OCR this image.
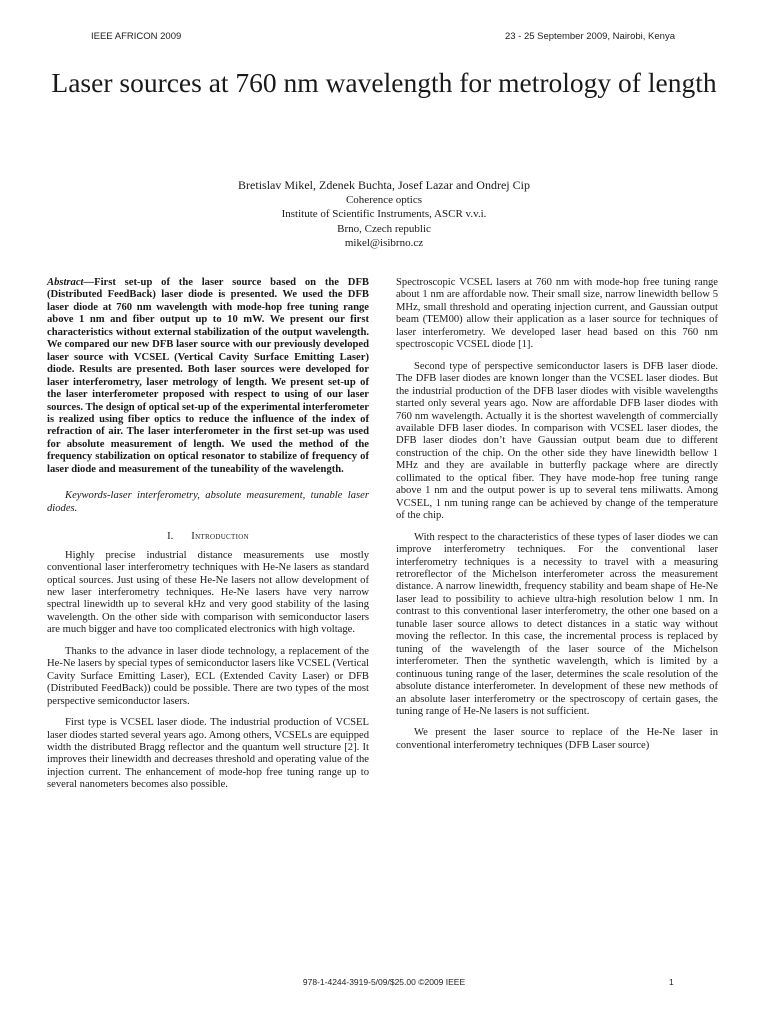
IEEE AFRICON 2009	23 - 25 September 2009, Nairobi, Kenya
Laser sources at 760 nm wavelength for metrology of length
Bretislav Mikel, Zdenek Buchta, Josef Lazar and Ondrej Cip
Coherence optics
Institute of Scientific Instruments, ASCR v.v.i.
Brno, Czech republic
mikel@isibrno.cz

Abstract—First set-up of the laser source based on the DFB (Distributed FeedBack) laser diode is presented. We used the DFB laser diode at 760 nm wavelength with mode-hop free tuning range above 1 nm and fiber output up to 10 mW. We present our first characteristics without external stabilization of the output wavelength. We compared our new DFB laser source with our previously developed laser source with VCSEL (Vertical Cavity Surface Emitting Laser) diode. Results are presented. Both laser sources were developed for laser interferometry, laser metrology of length. We present set-up of the laser interferometer proposed with respect to using of our laser sources. The design of optical set-up of the experimental interferometer is realized using fiber optics to reduce the influence of the index of refraction of air. The laser interferometer in the first set-up was used for absolute measurement of length. We used the method of the frequency stabilization on optical resonator to stabilize of frequency of laser diode and measurement of the tuneability of the wavelength.

Keywords-laser interferometry, absolute measurement, tunable laser diodes.

I. Introduction

Highly precise industrial distance measurements use mostly conventional laser interferometry techniques with He-Ne lasers as standard optical sources. Just using of these He-Ne lasers not allow development of new laser interferometry techniques. He-Ne lasers have very narrow spectral linewidth up to several kHz and very good stability of the lasing wavelength. On the other side with comparison with semiconductor lasers are much bigger and have too complicated electronics with high voltage.

Thanks to the advance in laser diode technology, a replacement of the He-Ne lasers by special types of semiconductor lasers like VCSEL (Vertical Cavity Surface Emitting Laser), ECL (Extended Cavity Laser) or DFB (Distributed FeedBack)) could be possible. There are two types of the most perspective semiconductor lasers.

First type is VCSEL laser diode. The industrial production of VCSEL laser diodes started several years ago. Among others, VCSELs are equipped width the distributed Bragg reflector and the quantum well structure [2]. It improves their linewidth and decreases threshold and operating value of the injection current. The enhancement of mode-hop free tuning range up to several nanometers becomes also possible.

Spectroscopic VCSEL lasers at 760 nm with mode-hop free tuning range about 1 nm are affordable now. Their small size, narrow linewidth bellow 5 MHz, small threshold and operating injection current, and Gaussian output beam (TEM00) allow their application as a laser source for techniques of laser interferometry. We developed laser head based on this 760 nm spectroscopic VCSEL diode [1].

Second type of perspective semiconductor lasers is DFB laser diode. The DFB laser diodes are known longer than the VCSEL laser diodes. But the industrial production of the DFB laser diodes with visible wavelengths started only several years ago. Now are affordable DFB laser diodes with 760 nm wavelength. Actually it is the shortest wavelength of commercially available DFB laser diodes. In comparison with VCSEL laser diodes, the DFB laser diodes don’t have Gaussian output beam due to different construction of the chip. On the other side they have linewidth bellow 1 MHz and they are available in butterfly package where are directly collimated to the optical fiber. They have mode-hop free tuning range above 1 nm and the output power is up to several tens miliwatts. Among VCSEL, 1 nm tuning range can be achieved by change of the temperature of the chip.

With respect to the characteristics of these types of laser diodes we can improve interferometry techniques. For the conventional laser interferometry techniques is a necessity to travel with a measuring retroreflector of the Michelson interferometer across the measurement distance. A narrow linewidth, frequency stability and beam shape of He-Ne laser lead to possibility to achieve ultra-high resolution below 1 nm. In contrast to this conventional laser interferometry, the other one based on a tunable laser source allows to detect distances in a static way without moving the reflector. In this case, the incremental process is replaced by tuning of the wavelength of the laser source of the Michelson interferometer. Then the synthetic wavelength, which is limited by a continuous tuning range of the laser, determines the scale resolution of the absolute distance interferometer. In development of these new methods of an absolute laser interferometry or the spectroscopy of certain gases, the tuning range of He-Ne lasers is not sufficient.

We present the laser source to replace of the He-Ne laser in conventional interferometry techniques (DFB Laser source)

978-1-4244-3919-5/09/$25.00 ©2009 IEEE	1
